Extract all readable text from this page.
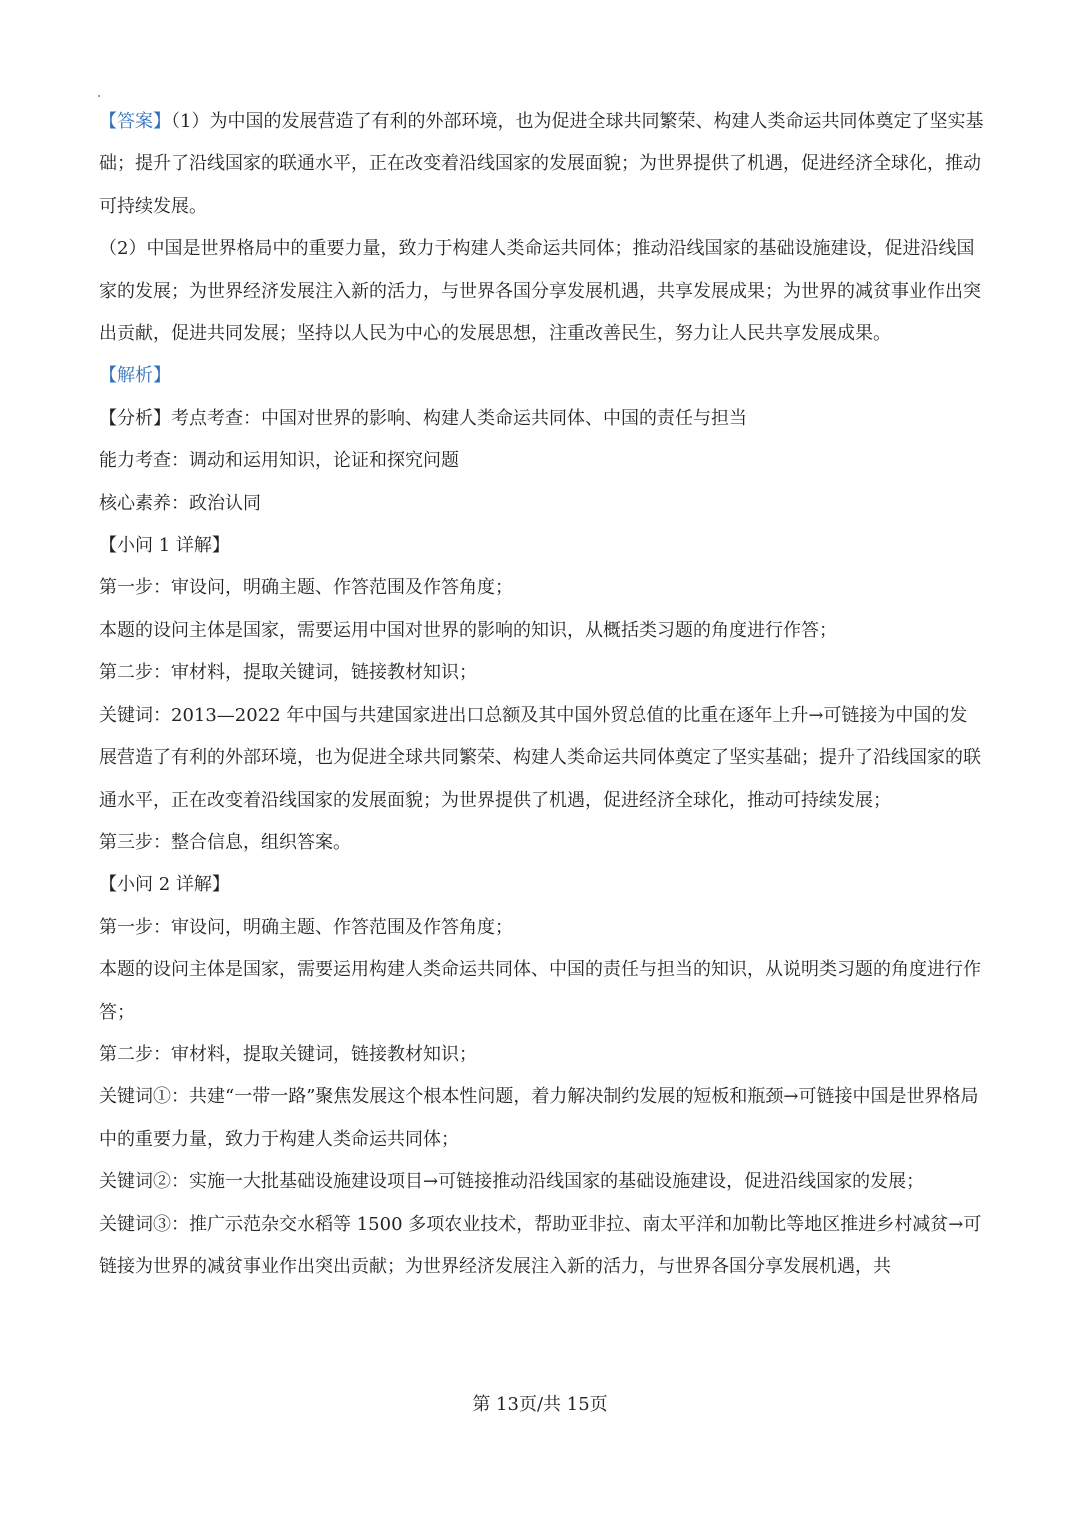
【答案】（1）为中国的发展营造了有利的外部环境，也为促进全球共同繁荣、构建人类命运共同体奠定了坚实基础；提升了沿线国家的联通水平，正在改变着沿线国家的发展面貌；为世界提供了机遇，促进经济全球化，推动可持续发展。

（2）中国是世界格局中的重要力量，致力于构建人类命运共同体；推动沿线国家的基础设施建设，促进沿线国家的发展；为世界经济发展注入新的活力，与世界各国分享发展机遇，共享发展成果；为世界的减贫事业作出突出贡献，促进共同发展；坚持以人民为中心的发展思想，注重改善民生，努力让人民共享发展成果。

【解析】

【分析】考点考查：中国对世界的影响、构建人类命运共同体、中国的责任与担当

能力考查：调动和运用知识，论证和探究问题

核心素养：政治认同

【小问 1 详解】

第一步：审设问，明确主题、作答范围及作答角度；

本题的设问主体是国家，需要运用中国对世界的影响的知识，从概括类习题的角度进行作答；

第二步：审材料，提取关键词，链接教材知识；

关键词：2013—2022 年中国与共建国家进出口总额及其中国外贸总值的比重在逐年上升→可链接为中国的发展营造了有利的外部环境，也为促进全球共同繁荣、构建人类命运共同体奠定了坚实基础；提升了沿线国家的联通水平，正在改变着沿线国家的发展面貌；为世界提供了机遇，促进经济全球化，推动可持续发展；

第三步：整合信息，组织答案。

【小问 2 详解】

第一步：审设问，明确主题、作答范围及作答角度；

本题的设问主体是国家，需要运用构建人类命运共同体、中国的责任与担当的知识，从说明类习题的角度进行作答；

第二步：审材料，提取关键词，链接教材知识；

关键词①：共建“一带一路”聚焦发展这个根本性问题，着力解决制约发展的短板和瓶颈→可链接中国是世界格局中的重要力量，致力于构建人类命运共同体；

关键词②：实施一大批基础设施建设项目→可链接推动沿线国家的基础设施建设，促进沿线国家的发展；

关键词③：推广示范杂交水稻等 1500 多项农业技术，帮助亚非拉、南太平洋和加勒比等地区推进乡村减贫→可链接为世界的减贫事业作出突出贡献；为世界经济发展注入新的活力，与世界各国分享发展机遇，共

第 13页/共 15页
